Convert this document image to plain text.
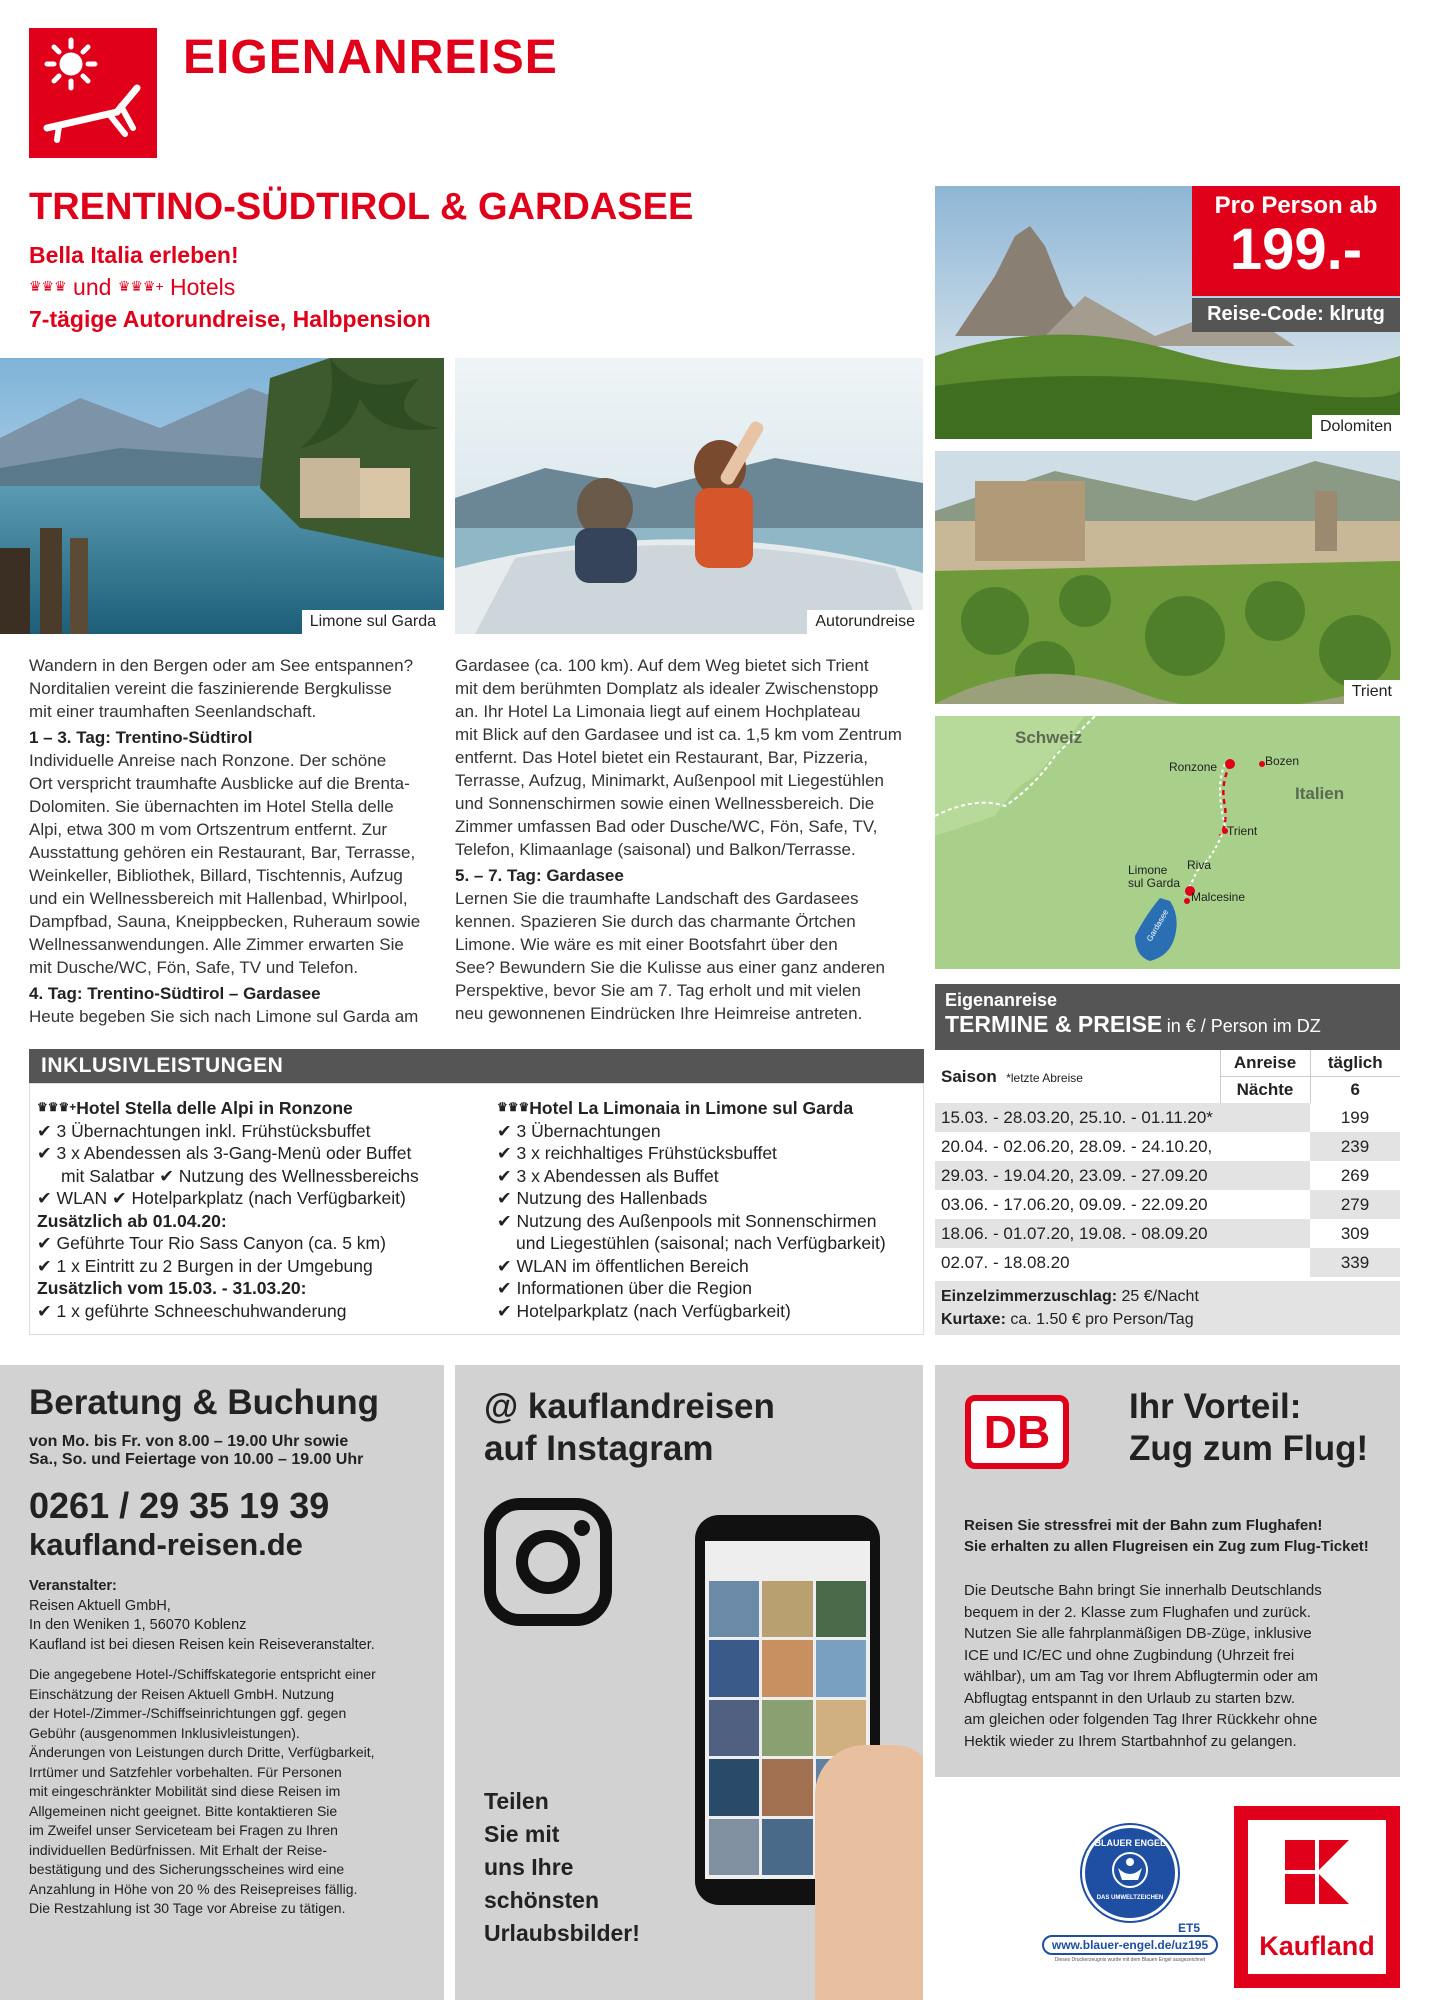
EIGENANREISE
TRENTINO-SÜDTIROL & GARDASEE
Bella Italia erleben!
♛♛♛ und ♛♛♛+ Hotels
7-tägige Autorundreise, Halbpension
Limone sul Garda	Autorundreise
Pro Person ab
199.-
Reise-Code: klrutg
Dolomiten
Trient
Schweiz
Italien
Bozen
Ronzone
Trient
Riva
Limone
sul Garda
Malcesine
Gardasee
Wandern in den Bergen oder am See entspannen?
Norditalien vereint die faszinierende Bergkulisse
mit einer traumhaften Seenlandschaft.
1 – 3. Tag: Trentino-Südtirol
Individuelle Anreise nach Ronzone. Der schöne
Ort verspricht traumhafte Ausblicke auf die Brenta-
Dolomiten. Sie übernachten im Hotel Stella delle
Alpi, etwa 300 m vom Ortszentrum entfernt. Zur
Ausstattung gehören ein Restaurant, Bar, Terrasse,
Weinkeller, Bibliothek, Billard, Tischtennis, Aufzug
und ein Wellnessbereich mit Hallenbad, Whirlpool,
Dampfbad, Sauna, Kneippbecken, Ruheraum sowie
Wellnessanwendungen. Alle Zimmer erwarten Sie
mit Dusche/WC, Fön, Safe, TV und Telefon.
4. Tag: Trentino-Südtirol – Gardasee
Heute begeben Sie sich nach Limone sul Garda am
Gardasee (ca. 100 km). Auf dem Weg bietet sich Trient
mit dem berühmten Domplatz als idealer Zwischenstopp
an. Ihr Hotel La Limonaia liegt auf einem Hochplateau
mit Blick auf den Gardasee und ist ca. 1,5 km vom Zentrum
entfernt. Das Hotel bietet ein Restaurant, Bar, Pizzeria,
Terrasse, Aufzug, Minimarkt, Außenpool mit Liegestühlen
und Sonnenschirmen sowie einen Wellnessbereich. Die
Zimmer umfassen Bad oder Dusche/WC, Fön, Safe, TV,
Telefon, Klimaanlage (saisonal) und Balkon/Terrasse.
5. – 7. Tag: Gardasee
Lernen Sie die traumhafte Landschaft des Gardasees
kennen. Spazieren Sie durch das charmante Örtchen
Limone. Wie wäre es mit einer Bootsfahrt über den
See? Bewundern Sie die Kulisse aus einer ganz anderen
Perspektive, bevor Sie am 7. Tag erholt und mit vielen
neu gewonnenen Eindrücken Ihre Heimreise antreten.
INKLUSIVLEISTUNGEN
♛♛♛+Hotel Stella delle Alpi in Ronzone
✔ 3 Übernachtungen inkl. Frühstücksbuffet
✔ 3 x Abendessen als 3-Gang-Menü oder Buffet
mit Salatbar ✔ Nutzung des Wellnessbereichs
✔ WLAN ✔ Hotelparkplatz (nach Verfügbarkeit)
Zusätzlich ab 01.04.20:
✔ Geführte Tour Rio Sass Canyon (ca. 5 km)
✔ 1 x Eintritt zu 2 Burgen in der Umgebung
Zusätzlich vom 15.03. - 31.03.20:
✔ 1 x geführte Schneeschuhwanderung
♛♛♛Hotel La Limonaia in Limone sul Garda
✔ 3 Übernachtungen
✔ 3 x reichhaltiges Frühstücksbuffet
✔ 3 x Abendessen als Buffet
✔ Nutzung des Hallenbads
✔ Nutzung des Außenpools mit Sonnenschirmen
und Liegestühlen (saisonal; nach Verfügbarkeit)
✔ WLAN im öffentlichen Bereich
✔ Informationen über die Region
✔ Hotelparkplatz (nach Verfügbarkeit)
Eigenanreise
TERMINE & PREISE in € / Person im DZ
Saison *letzte Abreise	Anreise	täglich
	Nächte	6
15.03. - 28.03.20, 25.10. - 01.11.20*	199
20.04. - 02.06.20, 28.09. - 24.10.20,	239
29.03. - 19.04.20, 23.09. - 27.09.20	269
03.06. - 17.06.20, 09.09. - 22.09.20	279
18.06. - 01.07.20, 19.08. - 08.09.20	309
02.07. - 18.08.20	339
Einzelzimmerzuschlag: 25 €/Nacht
Kurtaxe: ca. 1.50 € pro Person/Tag
Beratung & Buchung
von Mo. bis Fr. von 8.00 – 19.00 Uhr sowie
Sa., So. und Feiertage von 10.00 – 19.00 Uhr
0261 / 29 35 19 39
kaufland-reisen.de
Veranstalter:
Reisen Aktuell GmbH,
In den Weniken 1, 56070 Koblenz
Kaufland ist bei diesen Reisen kein Reiseveranstalter.
Die angegebene Hotel-/Schiffskategorie entspricht einer
Einschätzung der Reisen Aktuell GmbH. Nutzung
der Hotel-/Zimmer-/Schiffseinrichtungen ggf. gegen
Gebühr (ausgenommen Inklusivleistungen).
Änderungen von Leistungen durch Dritte, Verfügbarkeit,
Irrtümer und Satzfehler vorbehalten. Für Personen
mit eingeschränkter Mobilität sind diese Reisen im
Allgemeinen nicht geeignet. Bitte kontaktieren Sie
im Zweifel unser Serviceteam bei Fragen zu Ihren
individuellen Bedürfnissen. Mit Erhalt der Reise-
bestätigung und des Sicherungsscheines wird eine
Anzahlung in Höhe von 20 % des Reisepreises fällig.
Die Restzahlung ist 30 Tage vor Abreise zu tätigen.
@ kauflandreisen
auf Instagram
Teilen
Sie mit
uns Ihre
schönsten
Urlaubsbilder!
DB	Ihr Vorteil:
Zug zum Flug!
Reisen Sie stressfrei mit der Bahn zum Flughafen!
Sie erhalten zu allen Flugreisen ein Zug zum Flug-Ticket!
Die Deutsche Bahn bringt Sie innerhalb Deutschlands
bequem in der 2. Klasse zum Flughafen und zurück.
Nutzen Sie alle fahrplanmäßigen DB-Züge, inklusive
ICE und IC/EC und ohne Zugbindung (Uhrzeit frei
wählbar), um am Tag vor Ihrem Abflugtermin oder am
Abflugtag entspannt in den Urlaub zu starten bzw.
am gleichen oder folgenden Tag Ihrer Rückkehr ohne
Hektik wieder zu Ihrem Startbahnhof zu gelangen.
BLAUER ENGEL
DAS UMWELTZEICHEN
ET5
www.blauer-engel.de/uz195
Dieses Druckerzeugnis wurde mit dem Blauen Engel ausgezeichnet	Kaufland
